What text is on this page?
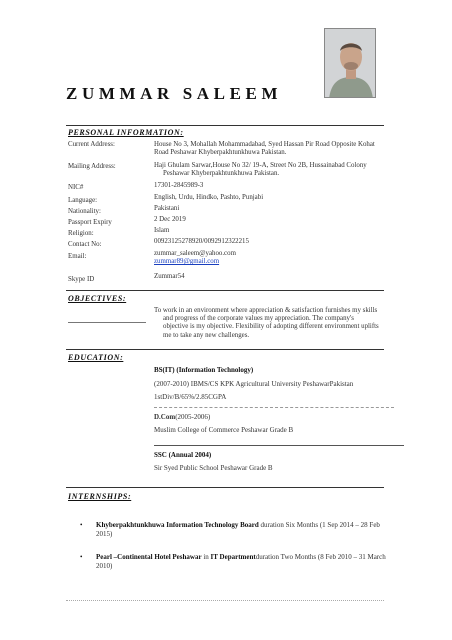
ZUMMAR SALEEM
PERSONAL INFORMATION:
Current Address:	House No 3, Mohallah Mohammadabad, Syed Hassan Pir Road Opposite Kohat
Road Peshawar Khyberpakhtunkhuwa Pakistan.
Mailing Address:	Haji Ghulam Sarwar,House No 32/ 19-A, Street No 2B, Hussainabad Colony
Peshawar Khyberpakhtunkhuwa Pakistan.
NIC#	17301-2845989-3
Language:	English, Urdu, Hindko, Pashto, Punjabi
Nationality:	Pakistani
Passport Expiry	2 Dec 2019
Religion:	Islam
Contact No:	00923125278920/0092912322215
Email:	zummar_saleem@yahoo.com
zummar89@gmail.com
Skype ID	Zummar54
OBJECTIVES:
To work in an environment where appreciation & satisfaction furnishes my skills
and progress of the corporate values my appreciation. The company's
objective is my objective. Flexibility of adopting different environment uplifts
me to take any new challenges.
EDUCATION:
BS(IT) (Information Technology)
(2007-2010) IBMS/CS KPK Agricultural University PeshawarPakistan
1stDiv/B/65%/2.85CGPA
D.Com(2005-2006)
Muslim College of Commerce Peshawar Grade B
SSC (Annual 2004)
Sir Syed Public School Peshawar Grade B
INTERNSHIPS:
• Khyberpakhtunkhuwa Information Technology Board duration Six Months (1 Sep 2014 – 28 Feb 2015)
• Pearl –Continental Hotel Peshawar in IT Departmentduration Two Months (8 Feb 2010 – 31 March 2010)
